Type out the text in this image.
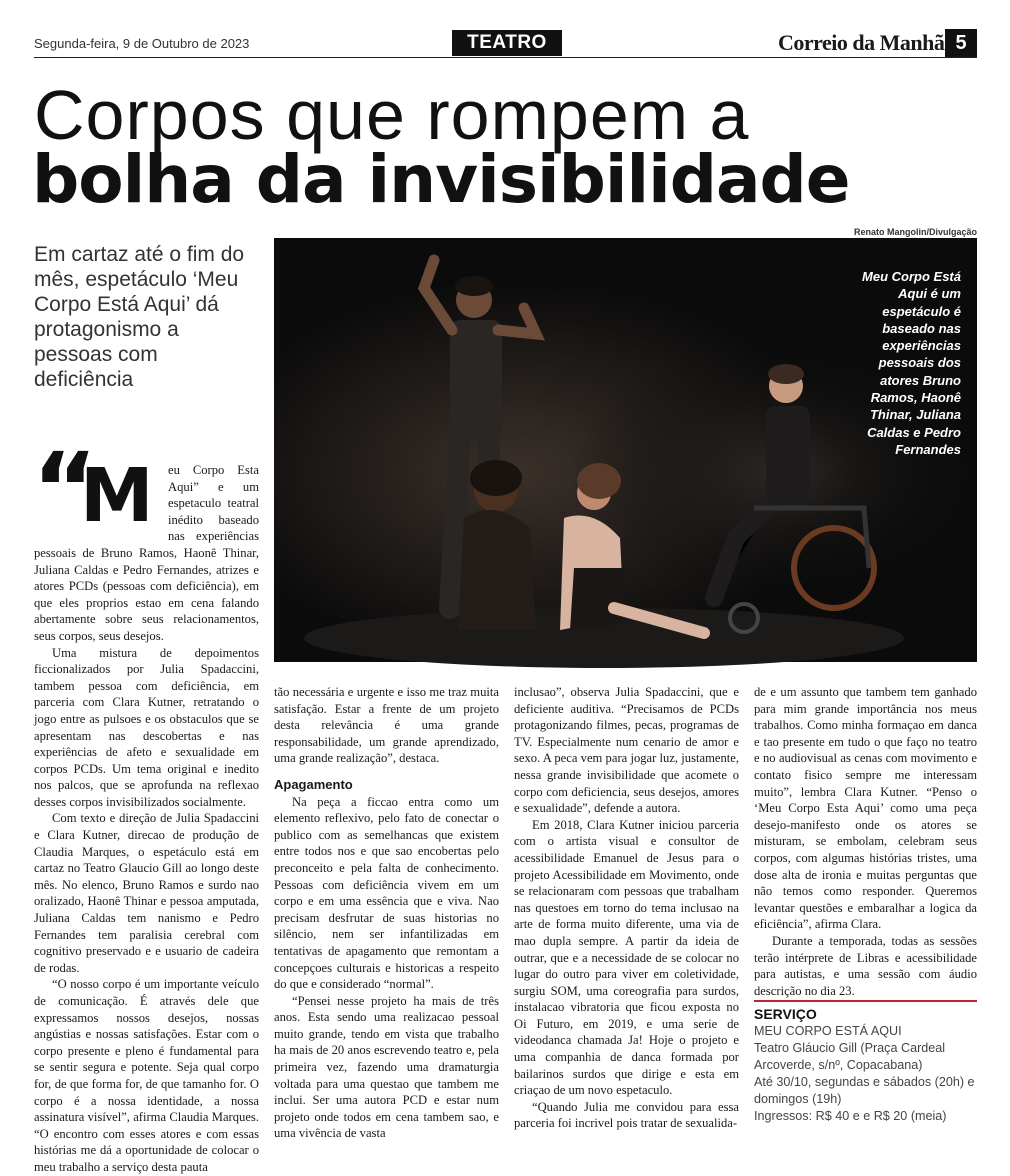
Segunda-feira, 9 de Outubro de 2023	TEATRO	Correio da Manhã 5
Corpos que rompem a
bolha da invisibilidade
Em cartaz até o fim do mês, espetáculo ‘Meu Corpo Está Aqui’ dá protagonismo a pessoas com deficiência
Renato Mangolin/Divulgação
Meu Corpo Está Aqui é um espetáculo é baseado nas experiências pessoais dos atores Bruno Ramos, Haonê Thinar, Juliana Caldas e Pedro Fernandes

“
M eu Corpo Esta Aqui” e um espetaculo teatral inédito baseado nas experiências pessoais de Bruno Ramos, Haonê Thinar, Juliana Caldas e Pedro Fernandes, atrizes e atores PCDs (pessoas com deficiência), em que eles proprios estao em cena falando abertamente sobre seus relacionamentos, seus corpos, seus desejos.

Uma mistura de depoimentos ficcionalizados por Julia Spadaccini, tambem pessoa com deficiência, em parceria com Clara Kutner, retratando o jogo entre as pulsoes e os obstaculos que se apresentam nas descobertas e nas experiências de afeto e sexualidade em corpos PCDs. Um tema original e inedito nos palcos, que se aprofunda na reflexao desses corpos invisibilizados socialmente.

Com texto e direção de Julia Spadaccini e Clara Kutner, direcao de produção de Claudia Marques, o espetáculo está em cartaz no Teatro Glaucio Gill ao longo deste mês. No elenco, Bruno Ramos e surdo nao oralizado, Haonê Thinar e pessoa amputada, Juliana Caldas tem nanismo e Pedro Fernandes tem paralisia cerebral com cognitivo preservado e e usuario de cadeira de rodas.

“O nosso corpo é um importante veículo de comunicação. É através dele que expressamos nossos desejos, nossas angústias e nossas satisfações. Estar com o corpo presente e pleno é fundamental para se sentir segura e potente. Seja qual corpo for, de que forma for, de que tamanho for. O corpo é a nossa identidade, a nossa assinatura visível”, afirma Claudia Marques. “O encontro com esses atores e com essas histórias me dá a oportunidade de colocar o meu trabalho a serviço desta pauta

tão necessária e urgente e isso me traz muita satisfação. Estar a frente de um projeto desta relevância é uma grande responsabilidade, um grande aprendizado, uma grande realização”, destaca.

Apagamento

Na peça a ficcao entra como um elemento reflexivo, pelo fato de conectar o publico com as semelhancas que existem entre todos nos e que sao encobertas pelo preconceito e pela falta de conhecimento. Pessoas com deficiência vivem em um corpo e em uma essência que e viva. Nao precisam desfrutar de suas historias no silêncio, nem ser infantilizadas em tentativas de apagamento que remontam a concepçoes culturais e historicas a respeito do que e considerado “normal”.

“Pensei nesse projeto ha mais de três anos. Esta sendo uma realizacao pessoal muito grande, tendo em vista que trabalho ha mais de 20 anos escrevendo teatro e, pela primeira vez, fazendo uma dramaturgia voltada para uma questao que tambem me inclui. Ser uma autora PCD e estar num projeto onde todos em cena tambem sao, e uma vivência de vasta

inclusao”, observa Julia Spadaccini, que e deficiente auditiva. “Precisamos de PCDs protagonizando filmes, pecas, programas de TV. Especialmente num cenario de amor e sexo. A peca vem para jogar luz, justamente, nessa grande invisibilidade que acomete o corpo com deficiencia, seus desejos, amores e sexualidade”, defende a autora.

Em 2018, Clara Kutner iniciou parceria com o artista visual e consultor de acessibilidade Emanuel de Jesus para o projeto Acessibilidade em Movimento, onde se relacionaram com pessoas que trabalham nas questoes em torno do tema inclusao na arte de forma muito diferente, uma via de mao dupla sempre. A partir da ideia de outrar, que e a necessidade de se colocar no lugar do outro para viver em coletividade, surgiu SOM, uma coreografia para surdos, instalacao vibratoria que ficou exposta no Oi Futuro, em 2019, e uma serie de videodanca chamada Ja! Hoje o projeto e uma companhia de danca formada por bailarinos surdos que dirige e esta em criaçao de um novo espetaculo.

“Quando Julia me convidou para essa parceria foi incrivel pois tratar de sexualida-

de e um assunto que tambem tem ganhado para mim grande importância nos meus trabalhos. Como minha formaçao em danca e tao presente em tudo o que faço no teatro e no audiovisual as cenas com movimento e contato fisico sempre me interessam muito”, lembra Clara Kutner. “Penso o ‘Meu Corpo Esta Aqui’ como uma peça desejo-manifesto onde os atores se misturam, se embolam, celebram seus corpos, com algumas histórias tristes, uma dose alta de ironia e muitas perguntas que não temos como responder. Queremos levantar questões e embaralhar a logica da eficiência”, afirma Clara.

Durante a temporada, todas as sessões terão intérprete de Libras e acessibilidade para autistas, e uma sessão com áudio descrição no dia 23.

SERVIÇO
MEU CORPO ESTÁ AQUI
Teatro Gláucio Gill (Praça Cardeal Arcoverde, s/nº, Copacabana)
Até 30/10, segundas e sábados (20h) e domingos (19h)
Ingressos: R$ 40 e e R$ 20 (meia)
